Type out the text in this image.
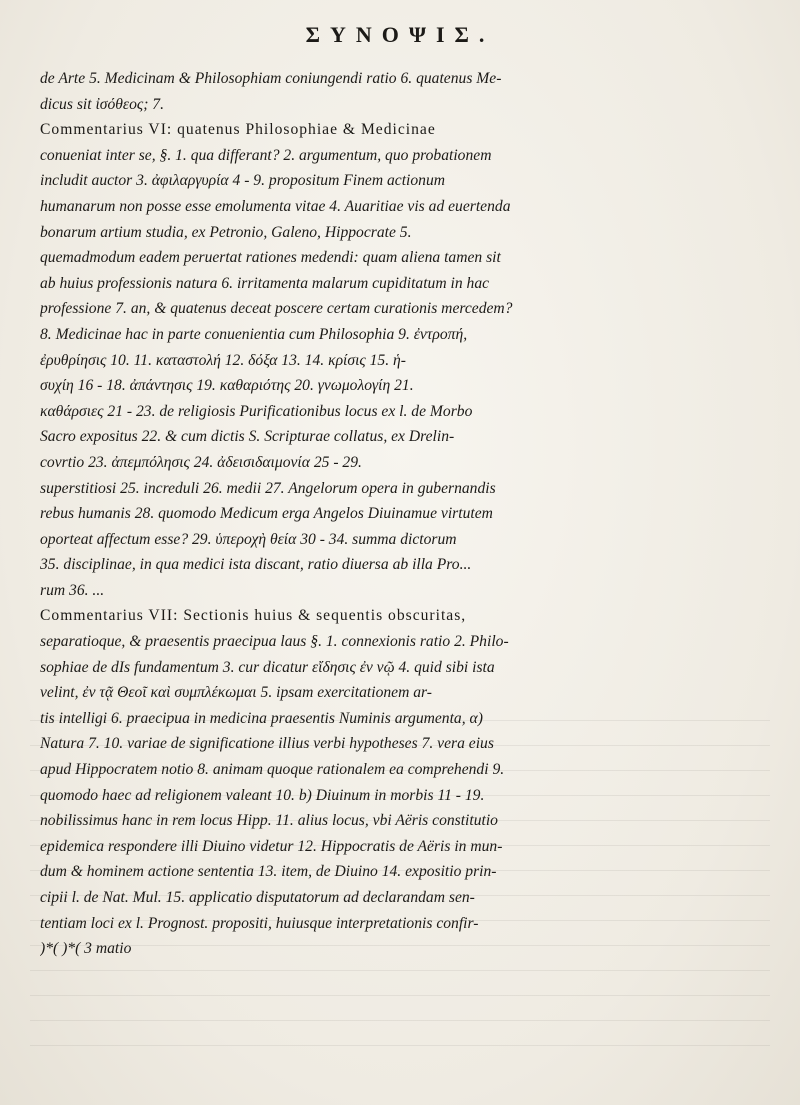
ΣΥΝΟΨΙΣ.

de Arte 5. Medicinam & Philosophiam coniungendi ratio 6. quatenus Me-
dicus sit ἰσόθεος; 7.
Commentarius VI: quatenus Philosophiae & Medicinae
conueniat inter se, §. 1. qua differant? 2. argumentum, quo probationem
includit auctor 3. ἀφιλαργυρία 4 - 9. propositum Finem actionum
humanarum non posse esse emolumenta vitae 4. Auaritiae vis ad euertenda
bonarum artium studia, ex Petronio, Galeno, Hippocrate 5.
quemadmodum eadem peruertat rationes medendi: quam aliena tamen sit
ab huius professionis natura 6. irritamenta malarum cupiditatum in hac
professione 7. an, & quatenus deceat poscere certam curationis mercedem?
8. Medicinae hac in parte conuenientia cum Philosophia 9. ἐντροπή,
ἐρυθρίησις 10. 11. καταστολή 12. δόξα 13. 14. κρίσις 15. ἡ-
συχίη 16 - 18. ἀπάντησις 19. καθαριότης 20. γνωμολογίη 21.
καθάρσιες 21 - 23. de religiosis Purificationibus locus ex l. de Morbo
Sacro expositus 22. & cum dictis S. Scripturae collatus, ex Drelin-
covrtio 23. ἀπεμπόλησις 24. ἀδεισιδαιμονία 25 - 29.
superstitiosi 25. increduli 26. medii 27. Angelorum opera in gubernandis
rebus humanis 28. quomodo Medicum erga Angelos Diuinamue virtutem
oporteat affectum esse? 29. ὑπεροχὴ θεία 30 - 34. summa dictorum
35. disciplinae, in qua medici ista discant, ratio diuersa ab illa Pro...
rum 36. ...

Commentarius VII: Sectionis huius & sequentis obscuritas,
separatioque, & praesentis praecipua laus §. 1. connexionis ratio 2. Philo-
sophiae de dIs fundamentum 3. cur dicatur εἴδησις ἐν νῷ 4. quid sibi ista
velint, ἐν τᾷ Θεοῖ καὶ συμπλέκωμαι 5. ipsam exercitationem ar-
tis intelligi 6. praecipua in medicina praesentis Numinis argumenta, α)
Natura 7. 10. variae de significatione illius verbi hypotheses 7. vera eius
apud Hippocratem notio 8. animam quoque rationalem ea comprehendi 9.
quomodo haec ad religionem valeant 10. b) Diuinum in morbis 11 - 19.
nobilissimus hanc in rem locus Hipp. 11. alius locus, vbi Aëris constitutio
epidemica respondere illi Diuino videtur 12. Hippocratis de Aëris in mun-
dum & hominem actione sententia 13. item, de Diuino 14. expositio prin-
cipii l. de Nat. Mul. 15. applicatio disputatorum ad declarandam sen-
tentiam loci ex l. Prognost. propositi, huiusque interpretationis confir-
)*( )*( 3 matio
